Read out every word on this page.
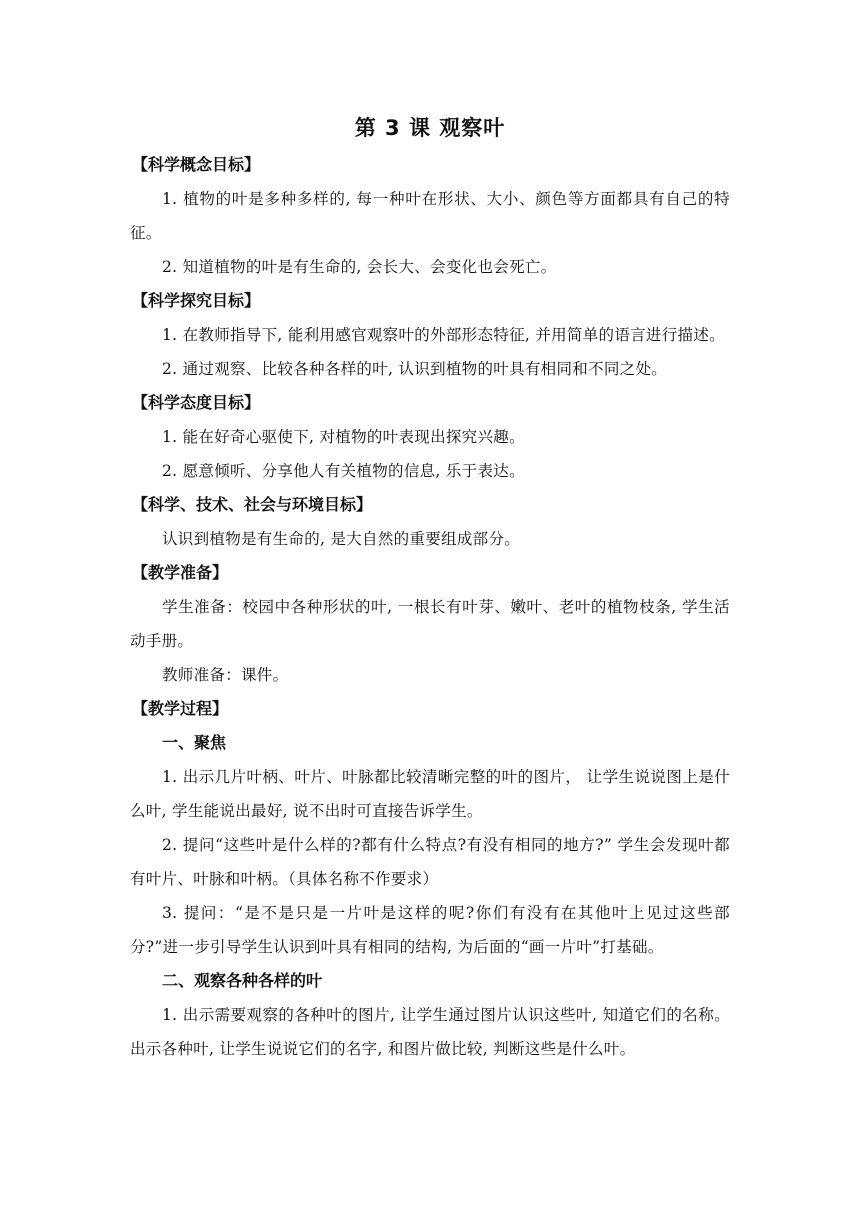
第 3 课 观察叶

【科学概念目标】

1. 植物的叶是多种多样的, 每一种叶在形状、大小、颜色等方面都具有自己的特征。

2. 知道植物的叶是有生命的, 会长大、会变化也会死亡。

【科学探究目标】

1. 在教师指导下, 能利用感官观察叶的外部形态特征, 并用简单的语言进行描述。

2. 通过观察、比较各种各样的叶, 认识到植物的叶具有相同和不同之处。

【科学态度目标】

1. 能在好奇心驱使下, 对植物的叶表现出探究兴趣。

2. 愿意倾听、分享他人有关植物的信息, 乐于表达。

【科学、技术、社会与环境目标】

认识到植物是有生命的, 是大自然的重要组成部分。

【教学准备】

学生准备：校园中各种形状的叶, 一根长有叶芽、嫩叶、老叶的植物枝条, 学生活动手册。

教师准备：课件。

【教学过程】

一、聚焦

1. 出示几片叶柄、叶片、叶脉都比较清晰完整的叶的图片， 让学生说说图上是什么叶, 学生能说出最好, 说不出时可直接告诉学生。

2. 提问“这些叶是什么样的?都有什么特点?有没有相同的地方?” 学生会发现叶都有叶片、叶脉和叶柄。（具体名称不作要求）

3. 提问：“是不是只是一片叶是这样的呢?你们有没有在其他叶上见过这些部分?”进一步引导学生认识到叶具有相同的结构, 为后面的“画一片叶”打基础。

二、观察各种各样的叶

1. 出示需要观察的各种叶的图片, 让学生通过图片认识这些叶, 知道它们的名称。出示各种叶, 让学生说说它们的名字, 和图片做比较, 判断这些是什么叶。
